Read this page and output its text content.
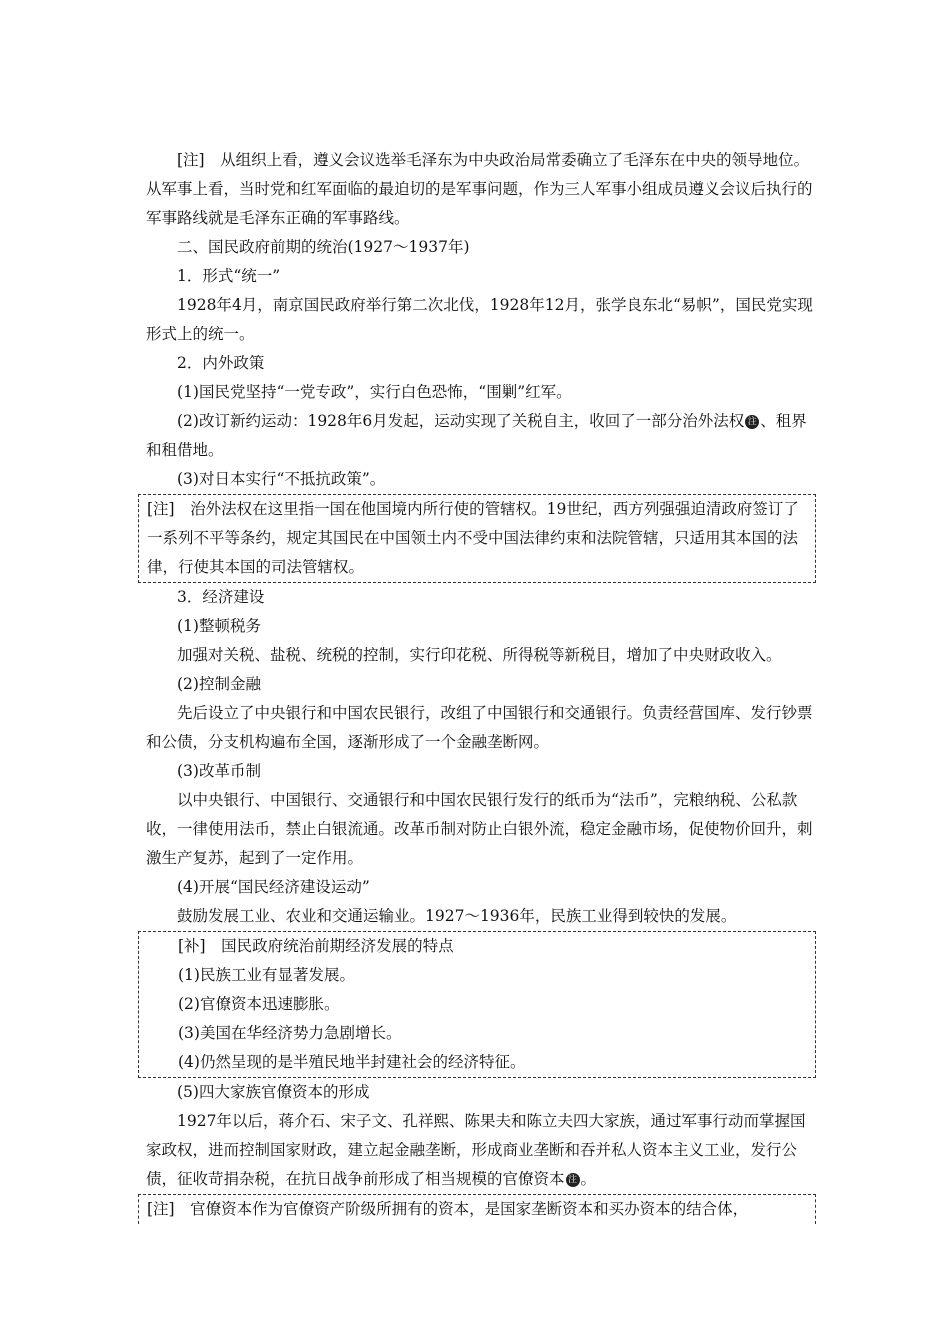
[注]　从组织上看，遵义会议选举毛泽东为中央政治局常委确立了毛泽东在中央的领导地位。从军事上看，当时党和红军面临的最迫切的是军事问题，作为三人军事小组成员遵义会议后执行的军事路线就是毛泽东正确的军事路线。

二、国民政府前期的统治(1927～1937年)

1．形式“统一”

1928年4月，南京国民政府举行第二次北伐，1928年12月，张学良东北“易帜”，国民党实现形式上的统一。

2．内外政策

(1)国民党坚持“一党专政”，实行白色恐怖，“围剿”红军。

(2)改订新约运动：1928年6月发起，运动实现了关税自主，收回了一部分治外法权 注 、租界和租借地。

(3)对日本实行“不抵抗政策”。

[注]　治外法权在这里指一国在他国境内所行使的管辖权。19世纪，西方列强强迫清政府签订了一系列不平等条约，规定其国民在中国领土内不受中国法律约束和法院管辖，只适用其本国的法律，行使其本国的司法管辖权。

3．经济建设

(1)整顿税务

加强对关税、盐税、统税的控制，实行印花税、所得税等新税目，增加了中央财政收入。

(2)控制金融

先后设立了中央银行和中国农民银行，改组了中国银行和交通银行。负责经营国库、发行钞票和公债，分支机构遍布全国，逐渐形成了一个金融垄断网。

(3)改革币制

以中央银行、中国银行、交通银行和中国农民银行发行的纸币为“法币”，完粮纳税、公私款收，一律使用法币，禁止白银流通。改革币制对防止白银外流，稳定金融市场，促使物价回升，刺激生产复苏，起到了一定作用。

(4)开展“国民经济建设运动”

鼓励发展工业、农业和交通运输业。1927～1936年，民族工业得到较快的发展。

[补]　国民政府统治前期经济发展的特点

(1)民族工业有显著发展。

(2)官僚资本迅速膨胀。

(3)美国在华经济势力急剧增长。

(4)仍然呈现的是半殖民地半封建社会的经济特征。

(5)四大家族官僚资本的形成

1927年以后，蒋介石、宋子文、孔祥熙、陈果夫和陈立夫四大家族，通过军事行动而掌握国家政权，进而控制国家财政，建立起金融垄断，形成商业垄断和吞并私人资本主义工业，发行公债，征收苛捐杂税，在抗日战争前形成了相当规模的官僚资本 注 。

[注]　官僚资本作为官僚资产阶级所拥有的资本，是国家垄断资本和买办资本的结合体，
